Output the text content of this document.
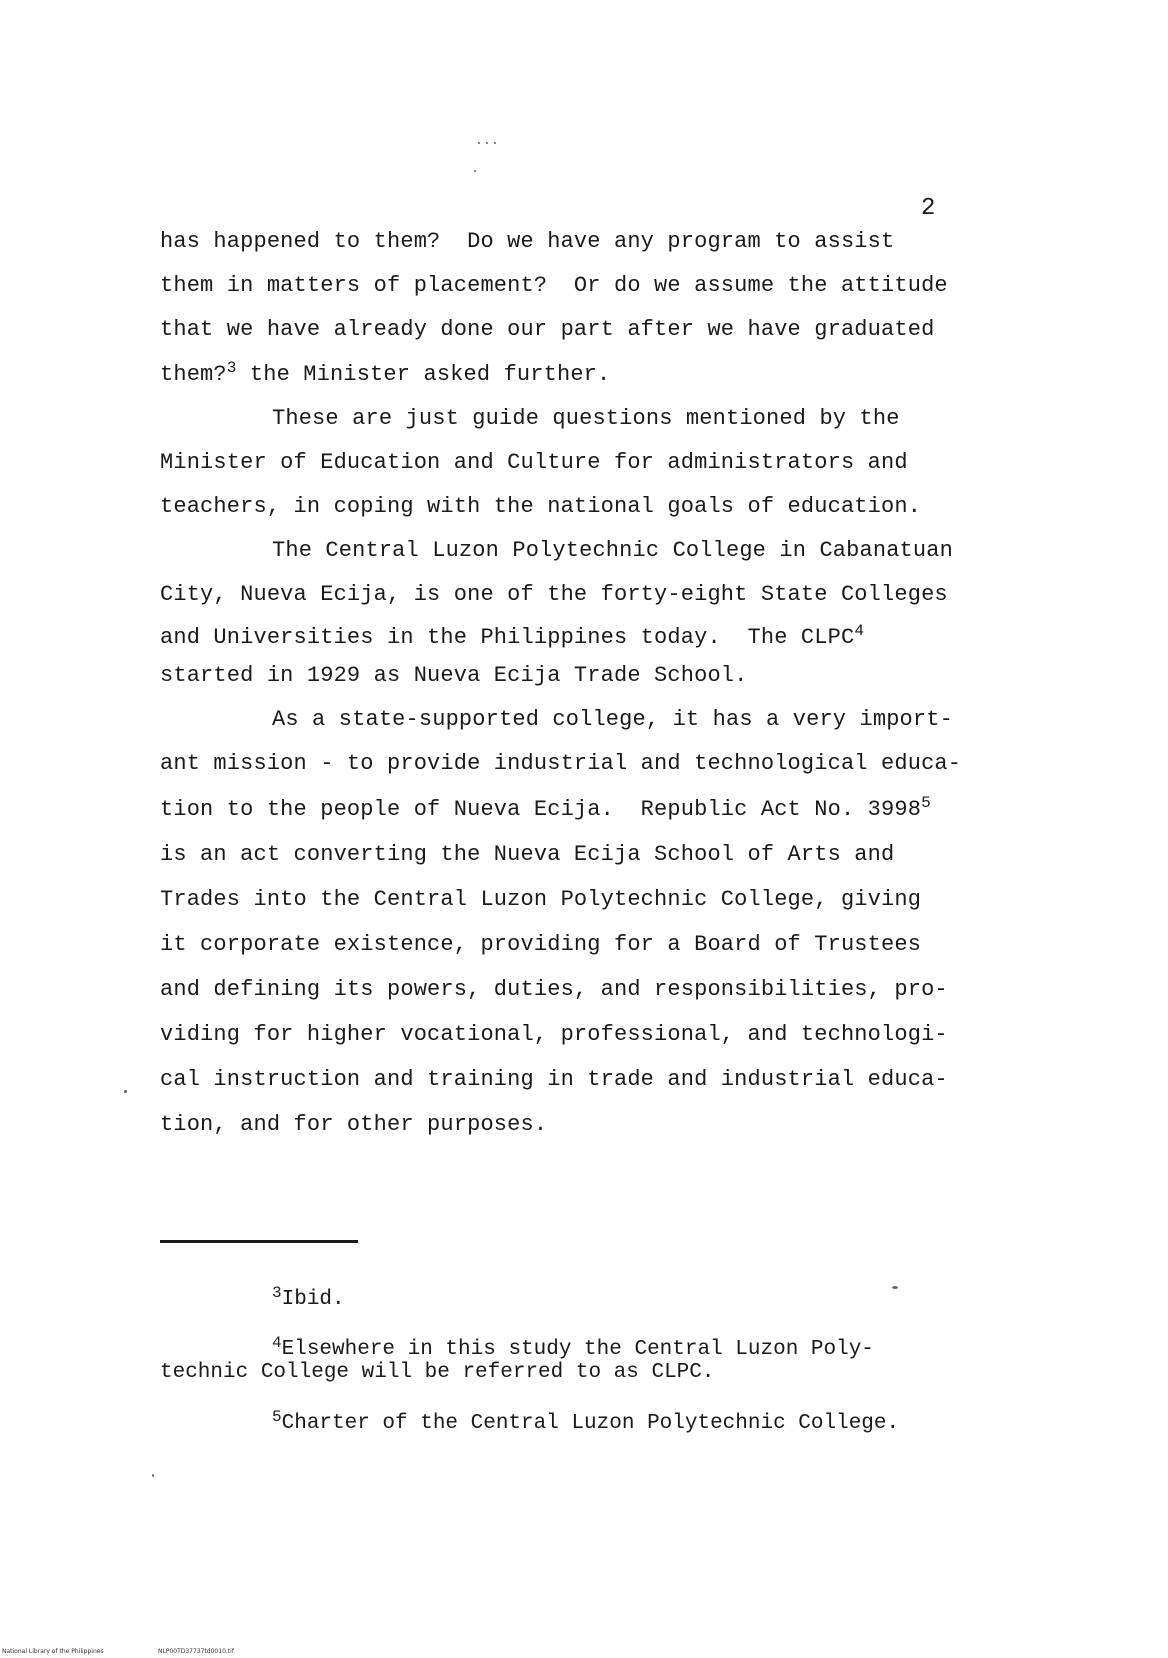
2

has happened to them?  Do we have any program to assist

them in matters of placement?  Or do we assume the attitude

that we have already done our part after we have graduated

them?$^3$ the Minister asked further.

These are just guide questions mentioned by the

Minister of Education and Culture for administrators and

teachers, in coping with the national goals of education.

The Central Luzon Polytechnic College in Cabanatuan

City, Nueva Ecija, is one of the forty-eight State Colleges

and Universities in the Philippines today.  The CLPC$^4$

started in 1929 as Nueva Ecija Trade School.

As a state-supported college, it has a very import-

ant mission - to provide industrial and technological educa-

tion to the people of Nueva Ecija.  Republic Act No. 3998$^5$

is an act converting the Nueva Ecija School of Arts and

Trades into the Central Luzon Polytechnic College, giving

it corporate existence, providing for a Board of Trustees

and defining its powers, duties, and responsibilities, pro-

viding for higher vocational, professional, and technologi-

cal instruction and training in trade and industrial educa-

tion, and for other purposes.

$^3$Ibid.

$^4$Elsewhere in this study the Central Luzon Poly-

technic College will be referred to as CLPC.

$^5$Charter of the Central Luzon Polytechnic College.

National Library of the Philippines	NLP00TD37737td0010.tif
